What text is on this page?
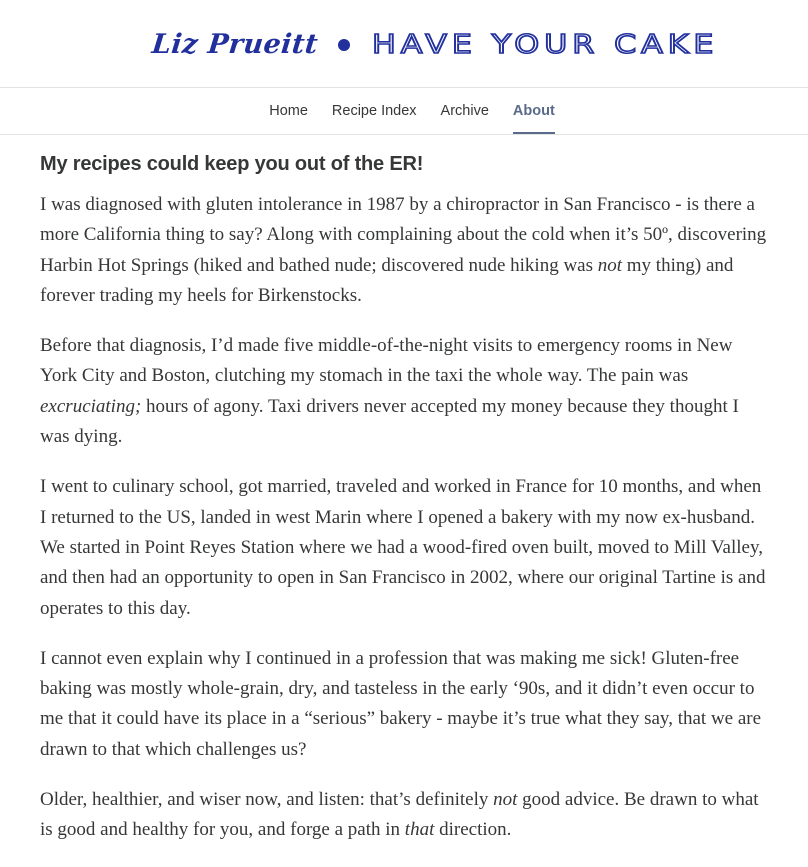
Liz Prueitt HAVE YOUR CAKE
Home Recipe Index Archive About
My recipes could keep you out of the ER!

I was diagnosed with gluten intolerance in 1987 by a chiropractor in San Francisco - is there a more California thing to say? Along with complaining about the cold when it’s 50º, discovering Harbin Hot Springs (hiked and bathed nude; discovered nude hiking was not my thing) and forever trading my heels for Birkenstocks.

Before that diagnosis, I’d made five middle-of-the-night visits to emergency rooms in New York City and Boston, clutching my stomach in the taxi the whole way. The pain was excruciating; hours of agony. Taxi drivers never accepted my money because they thought I was dying.

I went to culinary school, got married, traveled and worked in France for 10 months, and when I returned to the US, landed in west Marin where I opened a bakery with my now ex-husband. We started in Point Reyes Station where we had a wood-fired oven built, moved to Mill Valley, and then had an opportunity to open in San Francisco in 2002, where our original Tartine is and operates to this day.

I cannot even explain why I continued in a profession that was making me sick! Gluten-free baking was mostly whole-grain, dry, and tasteless in the early ‘90s, and it didn’t even occur to me that it could have its place in a “serious” bakery - maybe it’s true what they say, that we are drawn to that which challenges us?

Older, healthier, and wiser now, and listen: that’s definitely not good advice. Be drawn to what is good and healthy for you, and forge a path in that direction.
